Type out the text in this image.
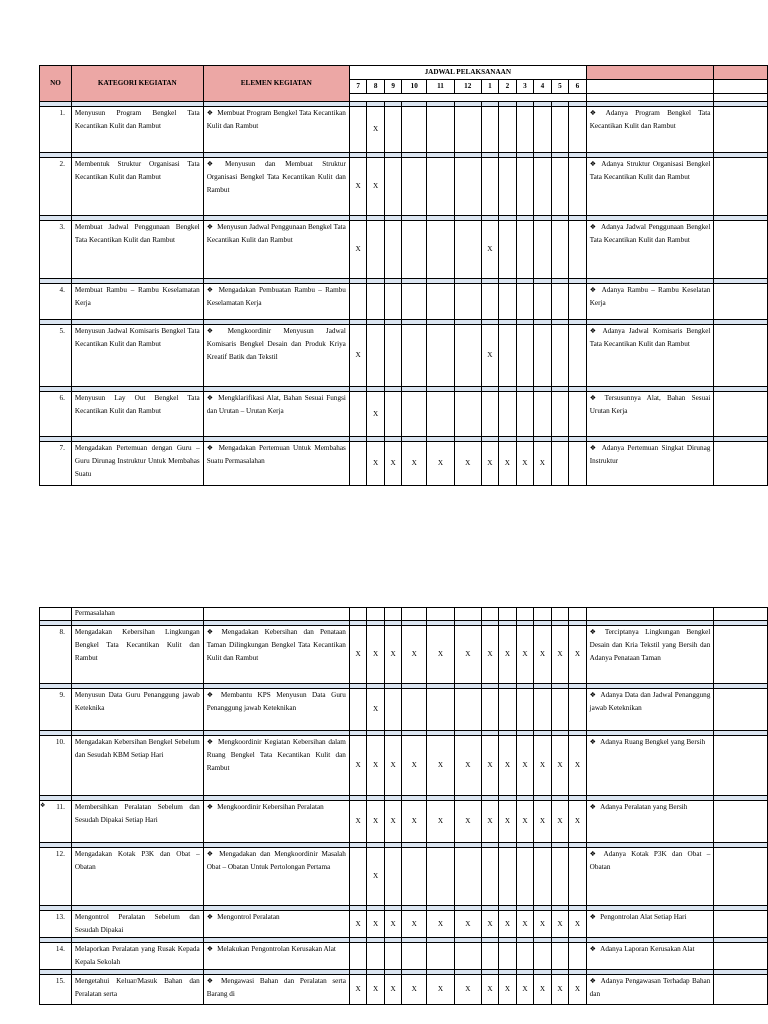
NO	KATEGORI KEGIATAN	ELEMEN KEGIATAN	JADWAL PELAKSANAAN													
			7	8	9	10	11	12	1	2	3	4	5	6		

1.	Menyusun Program Bengkel Tata Kecantikan Kulit dan Rambut	❖ Membuat Program Bengkel Tata Kecantikan Kulit dan Rambut		X											❖ Adanya Program Bengkel Tata Kecantikan Kulit dan Rambut	

2.	Membentuk Struktur Organisasi Tata Kecantikan Kulit dan Rambut	❖ Menyusun dan Membuat Struktur Organisasi Bengkel Tata Kecantikan Kulit dan Rambut	X	X											❖ Adanya Struktur Organisasi Bengkel Tata Kecantikan Kulit dan Rambut	

3.	Membuat Jadwal Penggunaan Bengkel Tata Kecantikan Kulit dan Rambut	❖ Menyusun Jadwal Penggunaan Bengkel Tata Kecantikan Kulit dan Rambut	X						X						❖ Adanya Jadwal Penggunaan Bengkel Tata Kecantikan Kulit dan Rambut	

4.	Membuat Rambu – Rambu Keselamatan Kerja	❖ Mengadakan Pembuatan Rambu – Rambu Keselamatan Kerja													❖ Adanya Rambu – Rambu Keselatan Kerja	

5.	Menyusun Jadwal Komisaris Bengkel Tata Kecantikan Kulit dan Rambut	❖ Mengkoordinir Menyusun Jadwal Komisaris Bengkel Desain dan Produk Kriya Kreatif Batik dan Tekstil	X						X						❖ Adanya Jadwal Komisaris Bengkel Tata Kecantikan Kulit dan Rambut	

6.	Menyusun Lay Out Bengkel Tata Kecantikan Kulit dan Rambut	❖ Mengklarifikasi Alat, Bahan Sesuai Fungsi dan Urutan – Urutan Kerja		X											❖ Tersusunnya Alat, Bahan Sesuai Urutan Kerja	

7.	Mengadakan Pertemuan dengan Guru – Guru Dirunag Instruktur Untuk Membahas Suatu	❖ Mengadakan Pertemuan Untuk Membahas Suatu Permasalahan		X	X	X	X	X	X	X	X	X			❖ Adanya Pertemuan Singkat Dirunag Instruktur	
	Permasalahan															

8.	Mengadakan Kebersihan Lingkungan Bengkel Tata Kecantikan Kulit dan Rambut	❖ Mengadakan Kebersihan dan Penataan Taman Dilingkungan Bengkel Tata Kecantikan Kulit dan Rambut	X	X	X	X	X	X	X	X	X	X	X	X	❖ Terciptanya Lingkungan Bengkel Desain dan Kria Tekstil yang Bersih dan Adanya Penataan Taman	

9.	Menyusun Data Guru Penanggung jawab Keteknika	❖ Membantu KPS Menyusun Data Guru Penanggung jawab Keteknikan		X											❖ Adanya Data dan Jadwal Penanggung jawab Keteknikan	

10.	Mengadakan Kebersihan Bengkel Sebelum dan Sesudah KBM Setiap Hari	❖ Mengkoordinir Kegiatan Kebersihan dalam Ruang Bengkel Tata Kecantikan Kulit dan Rambut	X	X	X	X	X	X	X	X	X	X	X	X	❖ Adanya Ruang Bengkel yang Bersih	

11.	Membersihkan Peralatan Sebelum dan Sesudah Dipakai Setiap Hari	❖ Mengkoordinir Kebersihan Peralatan	X	X	X	X	X	X	X	X	X	X	X	X	❖ Adanya Peralatan yang Bersih	

12.	Mengadakan Kotak P3K dan Obat – Obatan	❖ Mengadakan dan Mengkoordinir Masalah Obat – Obatan Untuk Pertolongan Pertama		X											❖ Adanya Kotak P3K dan Obat – Obatan	

13.	Mengontrol Peralatan Sebelum dan Sesudah Dipakai	❖ Mengontrol Peralatan	X	X	X	X	X	X	X	X	X	X	X	X	❖ Pengontrolan Alat Setiap Hari	

14.	Melaporkan Peralatan yang Rusak Kepada Kepala Sekolah	❖ Melakukan Pengontrolan Kerusakan Alat													❖ Adanya Laporan Kerusakan Alat	

15.	Mengetahui Keluar/Masuk Bahan dan Peralatan serta	❖ Mengawasi Bahan dan Peralatan serta Barang di	X	X	X	X	X	X	X	X	X	X	X	X	❖ Adanya Pengawasan Terhadap Bahan dan	
❖
